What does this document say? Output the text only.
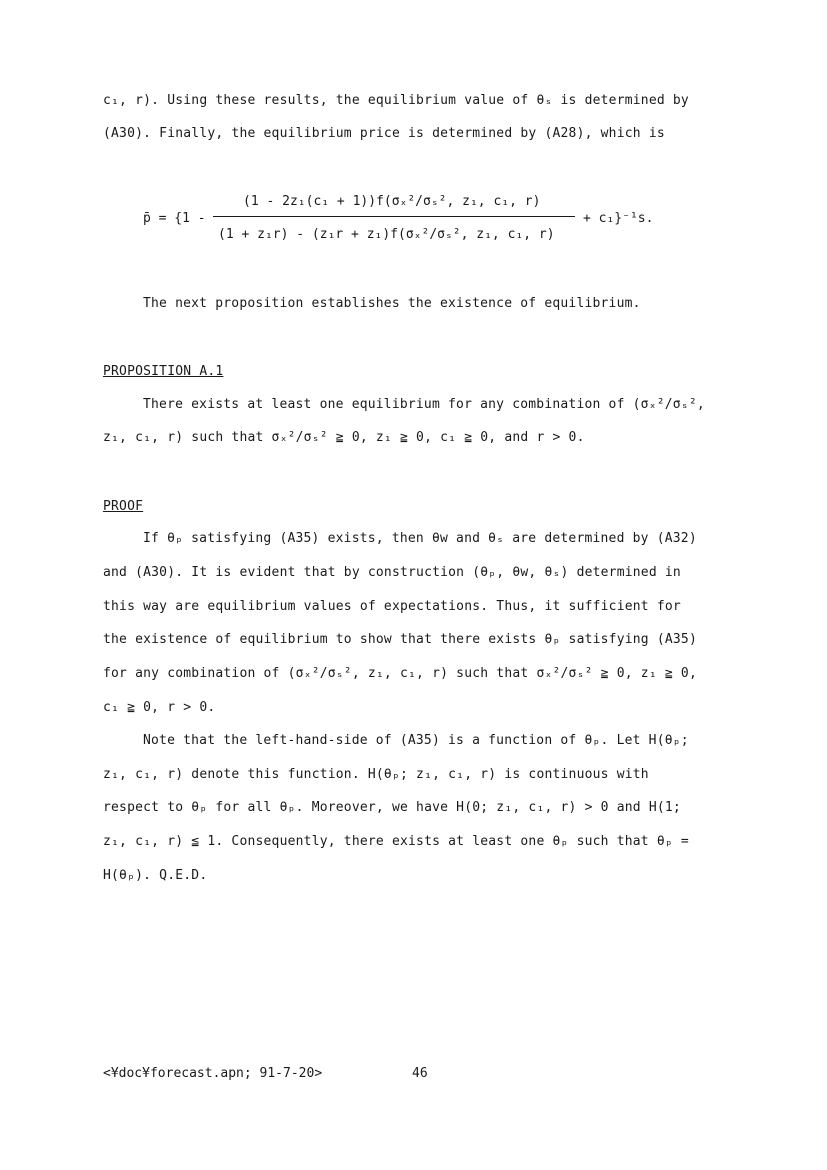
c₁, r). Using these results, the equilibrium value of θₛ is determined by
(A30). Finally, the equilibrium price is determined by (A28), which is
p̄ = {1 -
(1 - 2z₁(c₁ + 1))f(σₓ²/σₛ², z₁, c₁, r)
(1 + z₁r) - (z₁r + z₁)f(σₓ²/σₛ², z₁, c₁, r)
+ c₁}⁻¹s.
The next proposition establishes the existence of equilibrium.
PROPOSITION A.1
There exists at least one equilibrium for any combination of (σₓ²/σₛ²,
z₁, c₁, r) such that σₓ²/σₛ² ≧ 0, z₁ ≧ 0, c₁ ≧ 0, and r > 0.
PROOF
If θₚ satisfying (A35) exists, then θw and θₛ are determined by (A32)
and (A30). It is evident that by construction (θₚ, θw, θₛ) determined in
this way are equilibrium values of expectations. Thus, it sufficient for
the existence of equilibrium to show that there exists θₚ satisfying (A35)
for any combination of (σₓ²/σₛ², z₁, c₁, r) such that σₓ²/σₛ² ≧ 0, z₁ ≧ 0,
c₁ ≧ 0, r > 0.
Note that the left-hand-side of (A35) is a function of θₚ. Let H(θₚ;
z₁, c₁, r) denote this function. H(θₚ; z₁, c₁, r) is continuous with
respect to θₚ for all θₚ. Moreover, we have H(0; z₁, c₁, r) > 0 and H(1;
z₁, c₁, r) ≦ 1. Consequently, there exists at least one θₚ such that θₚ =
H(θₚ). Q.E.D.
<¥doc¥forecast.apn; 91-7-20>	46
